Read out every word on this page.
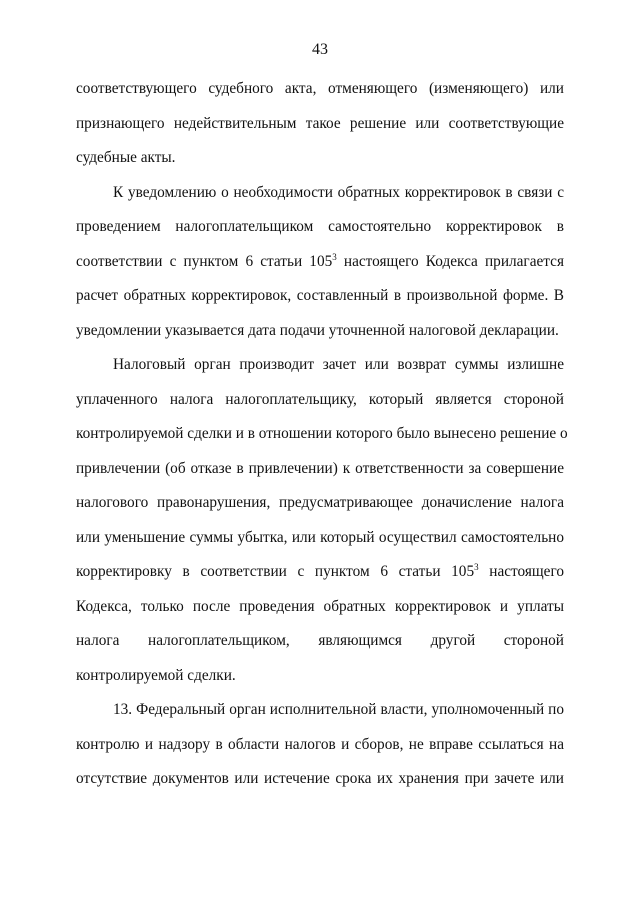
43
соответствующего судебного акта, отменяющего (изменяющего) или
признающего недействительным такое решение или соответствующие
судебные акты.
К уведомлению о необходимости обратных корректировок в связи с
проведением налогоплательщиком самостоятельно корректировок в
соответствии с пунктом 6 статьи $105^3$ настоящего Кодекса прилагается
расчет обратных корректировок, составленный в произвольной форме. В
уведомлении указывается дата подачи уточненной налоговой декларации.
Налоговый орган производит зачет или возврат суммы излишне
уплаченного налога налогоплательщику, который является стороной
контролируемой сделки и в отношении которого было вынесено решение о
привлечении (об отказе в привлечении) к ответственности за совершение
налогового правонарушения, предусматривающее доначисление налога
или уменьшение суммы убытка, или который осуществил самостоятельно
корректировку в соответствии с пунктом 6 статьи $105^3$ настоящего
Кодекса, только после проведения обратных корректировок и уплаты
налога налогоплательщиком, являющимся другой стороной
контролируемой сделки.
13. Федеральный орган исполнительной власти, уполномоченный по
контролю и надзору в области налогов и сборов, не вправе ссылаться на
отсутствие документов или истечение срока их хранения при зачете или
